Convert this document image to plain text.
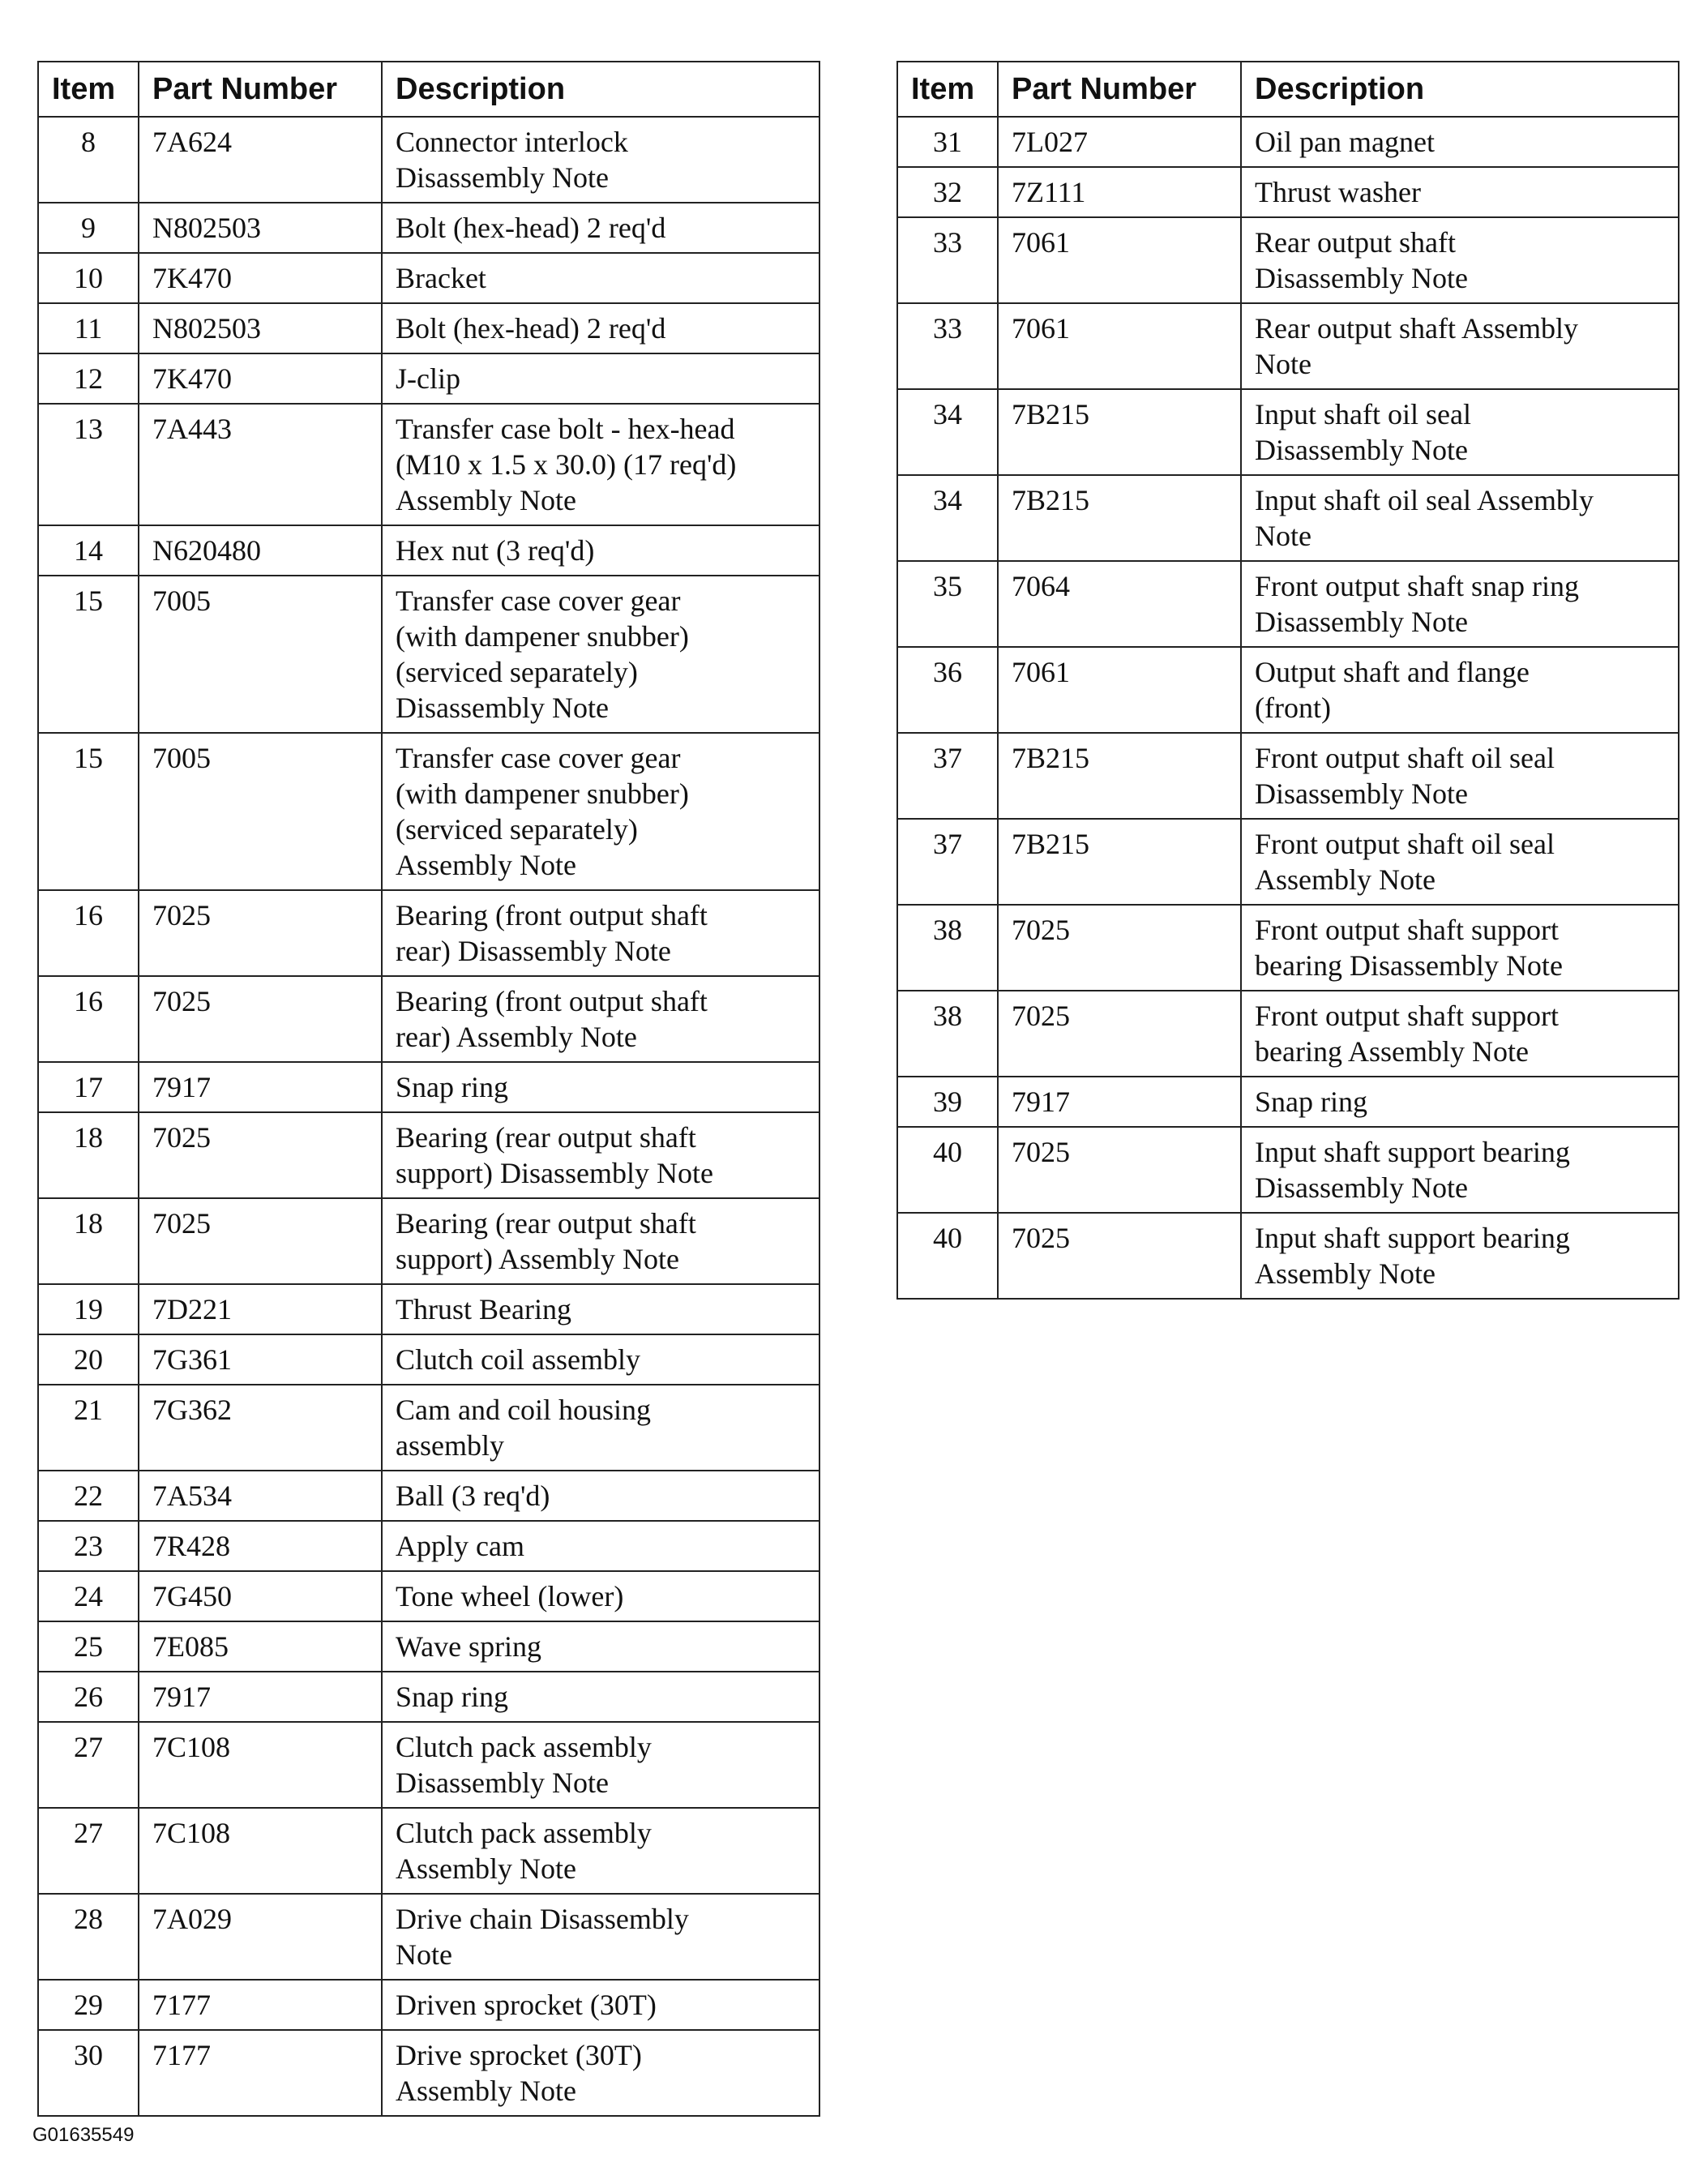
Item	Part Number	Description
8	7A624	Connector interlock
Disassembly Note

9	N802503	Bolt (hex-head) 2 req'd

10	7K470	Bracket

11	N802503	Bolt (hex-head) 2 req'd

12	7K470	J-clip

13	7A443	Transfer case bolt - hex-head
(M10 x 1.5 x 30.0) (17 req'd)
Assembly Note

14	N620480	Hex nut (3 req'd)

15	7005	Transfer case cover gear
(with dampener snubber)
(serviced separately)
Disassembly Note

15	7005	Transfer case cover gear
(with dampener snubber)
(serviced separately)
Assembly Note

16	7025	Bearing (front output shaft
rear) Disassembly Note

16	7025	Bearing (front output shaft
rear) Assembly Note

17	7917	Snap ring

18	7025	Bearing (rear output shaft
support) Disassembly Note

18	7025	Bearing (rear output shaft
support) Assembly Note

19	7D221	Thrust Bearing

20	7G361	Clutch coil assembly

21	7G362	Cam and coil housing
assembly

22	7A534	Ball (3 req'd)

23	7R428	Apply cam

24	7G450	Tone wheel (lower)

25	7E085	Wave spring

26	7917	Snap ring

27	7C108	Clutch pack assembly
Disassembly Note

27	7C108	Clutch pack assembly
Assembly Note

28	7A029	Drive chain Disassembly
Note

29	7177	Driven sprocket (30T)

30	7177	Drive sprocket (30T)
Assembly Note
Item	Part Number	Description
31	7L027	Oil pan magnet

32	7Z111	Thrust washer

33	7061	Rear output shaft
Disassembly Note

33	7061	Rear output shaft Assembly
Note

34	7B215	Input shaft oil seal
Disassembly Note

34	7B215	Input shaft oil seal Assembly
Note

35	7064	Front output shaft snap ring
Disassembly Note

36	7061	Output shaft and flange
(front)

37	7B215	Front output shaft oil seal
Disassembly Note

37	7B215	Front output shaft oil seal
Assembly Note

38	7025	Front output shaft support
bearing Disassembly Note

38	7025	Front output shaft support
bearing Assembly Note

39	7917	Snap ring

40	7025	Input shaft support bearing
Disassembly Note

40	7025	Input shaft support bearing
Assembly Note
G01635549
